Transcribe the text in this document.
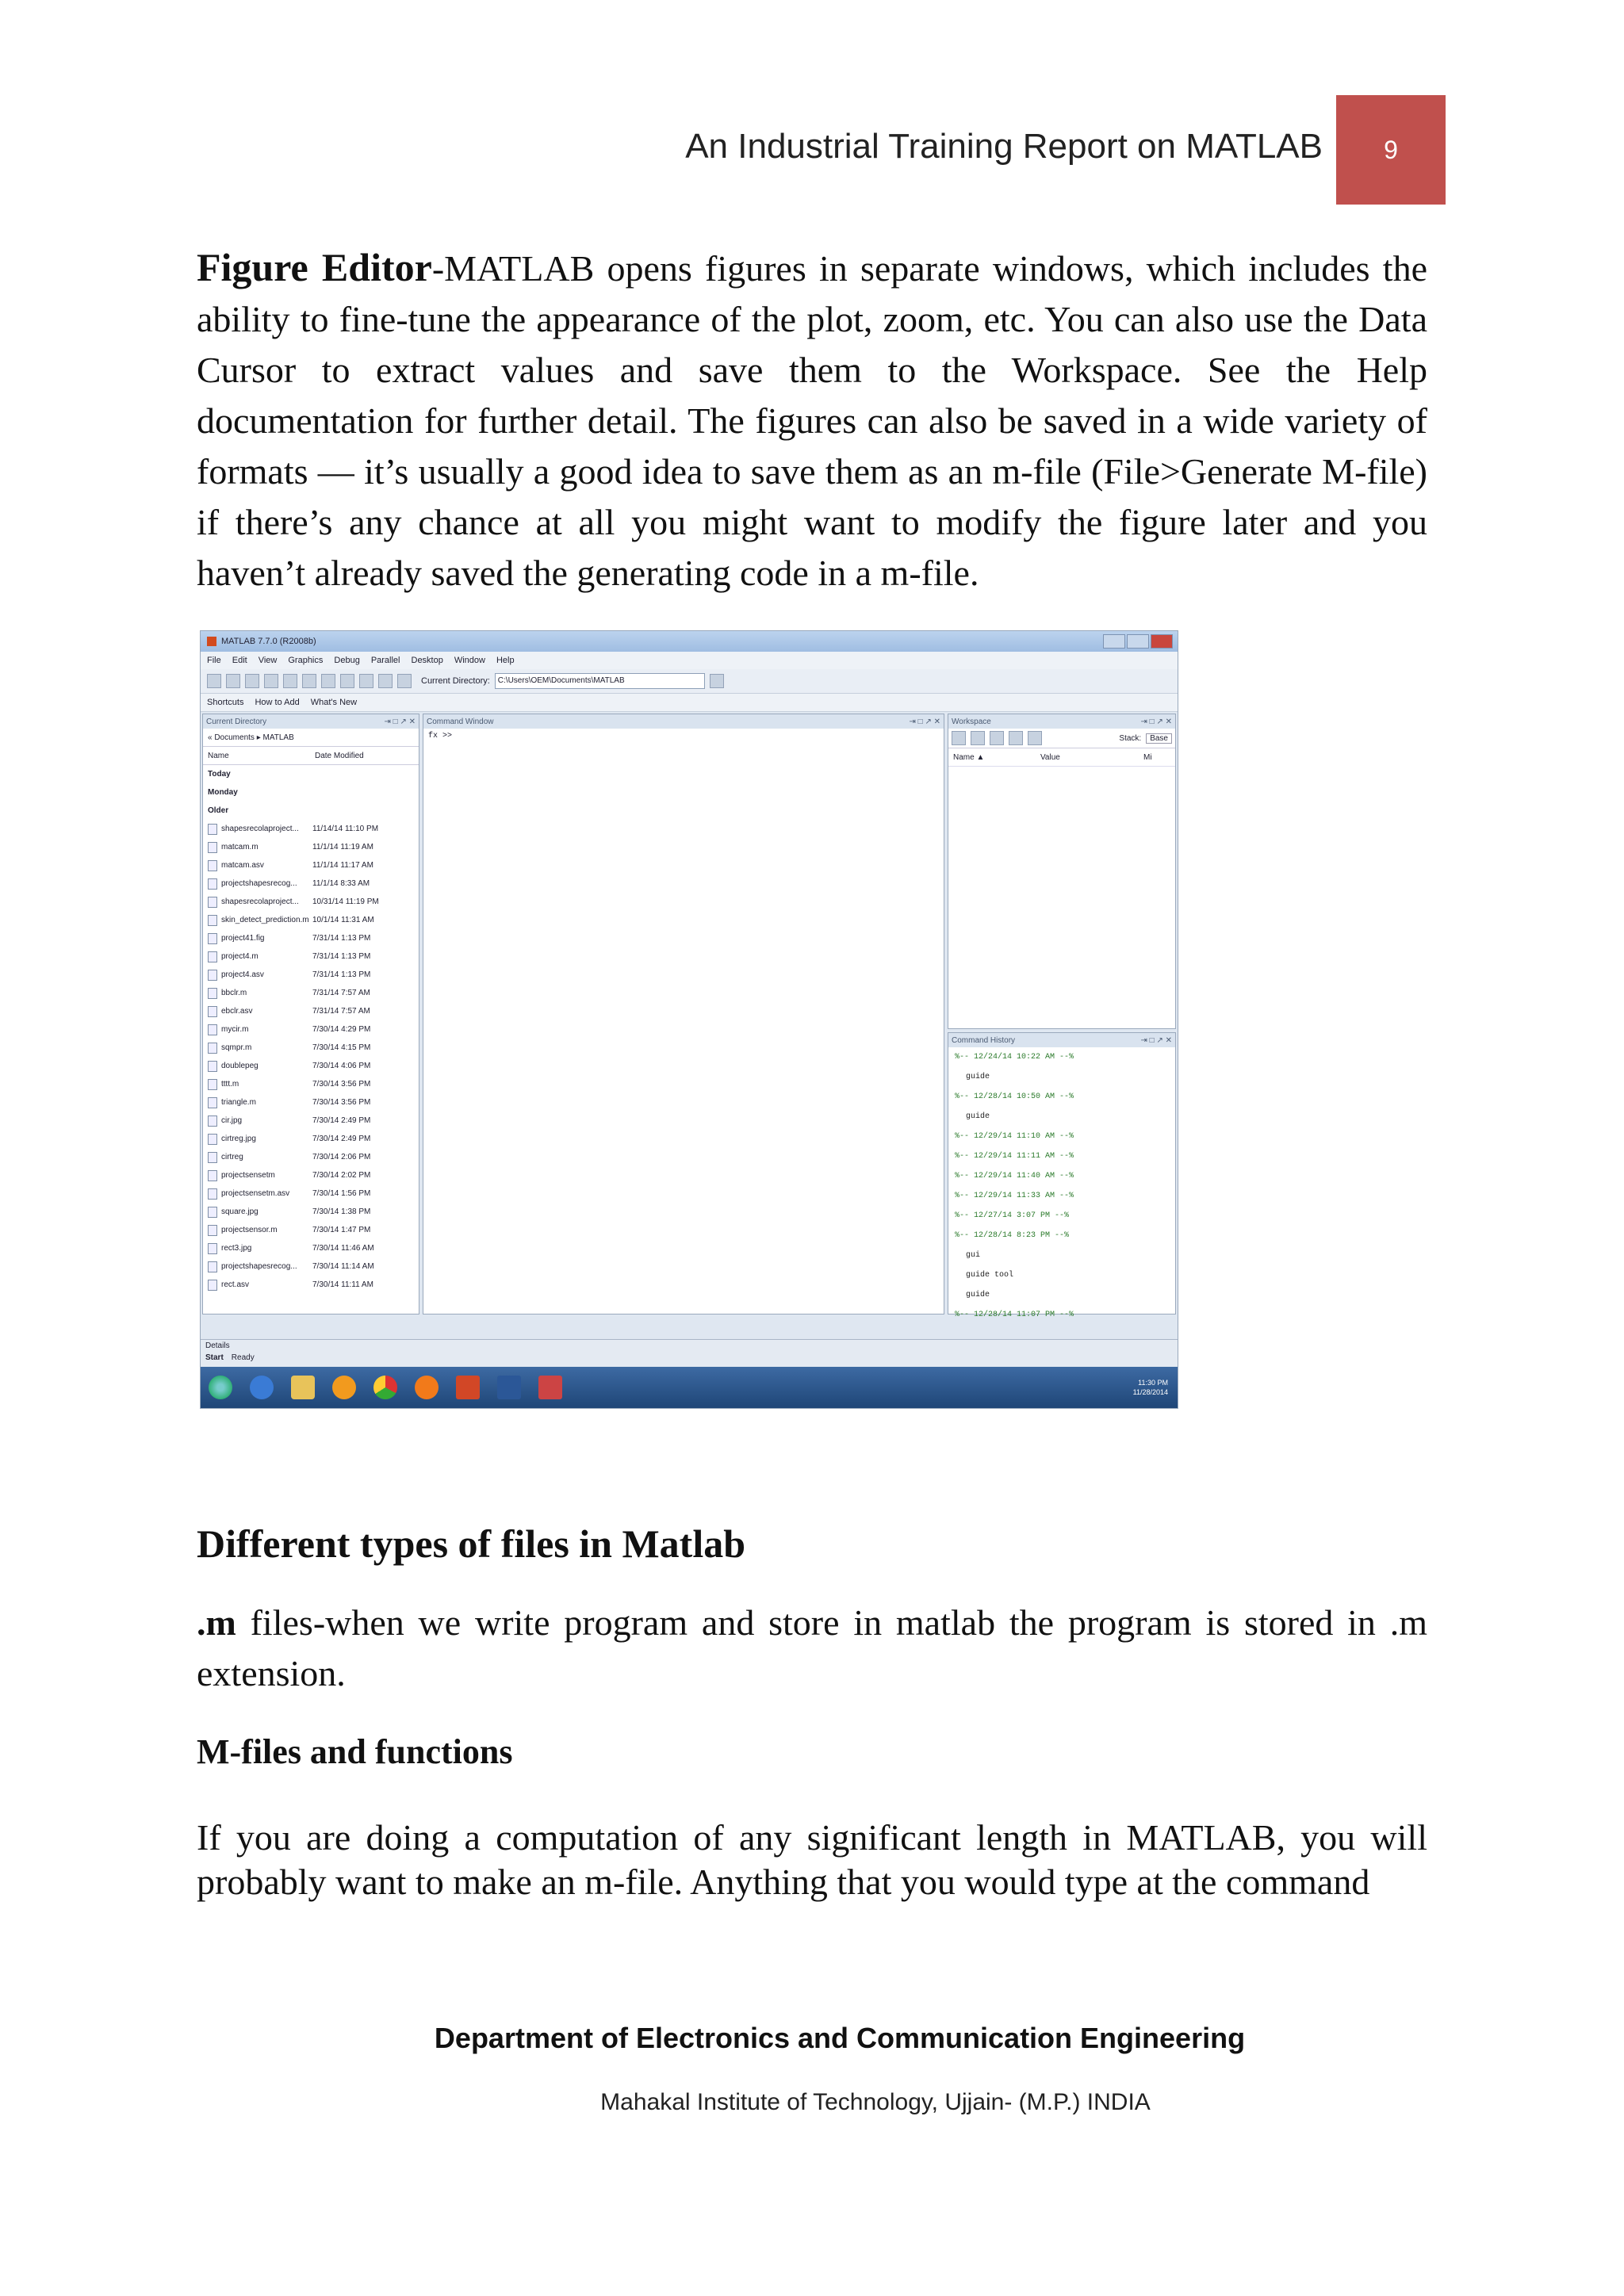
An Industrial Training Report on MATLAB	9
Figure Editor-MATLAB opens figures in separate windows, which includes the ability to fine-tune the appearance of the plot, zoom, etc. You can also use the Data Cursor to extract values and save them to the Workspace. See the Help documentation for further detail. The figures can also be saved in a wide variety of formats — it’s usually a good idea to save them as an m-file (File>Generate M-file) if there’s any chance at all you might want to modify the figure later and you haven’t already saved the generating code in a m-file.
MATLAB 7.7.0 (R2008b)
File Edit View Graphics Debug Parallel Desktop Window Help
Current Directory:	C:\Users\OEM\Documents\MATLAB
Shortcuts How to Add What's New
Current Directory	⇥ □ ↗ ✕
« Documents ▸ MATLAB
Name	Date Modified
Today
Monday
Older
shapesrecolaproject...	11/14/14 11:10 PM
matcam.m	11/1/14 11:19 AM
matcam.asv	11/1/14 11:17 AM
projectshapesrecog...	11/1/14 8:33 AM
shapesrecolaproject...	10/31/14 11:19 PM
skin_detect_prediction.m 10/1/14 11:31 AM
project41.fig	7/31/14 1:13 PM
project4.m	7/31/14 1:13 PM
project4.asv	7/31/14 1:13 PM
bbclr.m	7/31/14 7:57 AM
ebclr.asv	7/31/14 7:57 AM
mycir.m	7/30/14 4:29 PM
sqmpr.m	7/30/14 4:15 PM
doublepeg	7/30/14 4:06 PM
tttt.m	7/30/14 3:56 PM
triangle.m	7/30/14 3:56 PM
cir.jpg	7/30/14 2:49 PM
cirtreg.jpg	7/30/14 2:49 PM
cirtreg	7/30/14 2:06 PM
projectsensetm	7/30/14 2:02 PM
projectsensetm.asv	7/30/14 1:56 PM
square.jpg	7/30/14 1:38 PM
projectsensor.m	7/30/14 1:47 PM
rect3.jpg	7/30/14 11:46 AM
projectshapesrecog...	7/30/14 11:14 AM
rect.asv	7/30/14 11:11 AM
Command Window	⇥ □ ↗ ✕
fx >>
Workspace	⇥ □ ↗ ✕
Stack:	Base
Name ▲	Value	Mi
Command History	⇥ □ ↗ ✕
%-- 12/24/14 10:22 AM --%
guide
%-- 12/28/14 10:50 AM --%
guide
%-- 12/29/14 11:10 AM --%
%-- 12/29/14 11:11 AM --%
%-- 12/29/14 11:40 AM --%
%-- 12/29/14 11:33 AM --%
%-- 12/27/14 3:07 PM --%
%-- 12/28/14 8:23 PM --%
gui
guide tool
guide
%-- 12/28/14 11:07 PM --%
Details
Start Ready
11:30 PM
11/28/2014
Different types of files in Matlab
.m files-when we write program and store in matlab the program is stored in .m extension.
M-files and functions
If you are doing a computation of any significant length in MATLAB, you will probably want to make an m-file. Anything that you would type at the command
Department of Electronics and Communication Engineering
Mahakal Institute of Technology, Ujjain- (M.P.) INDIA
